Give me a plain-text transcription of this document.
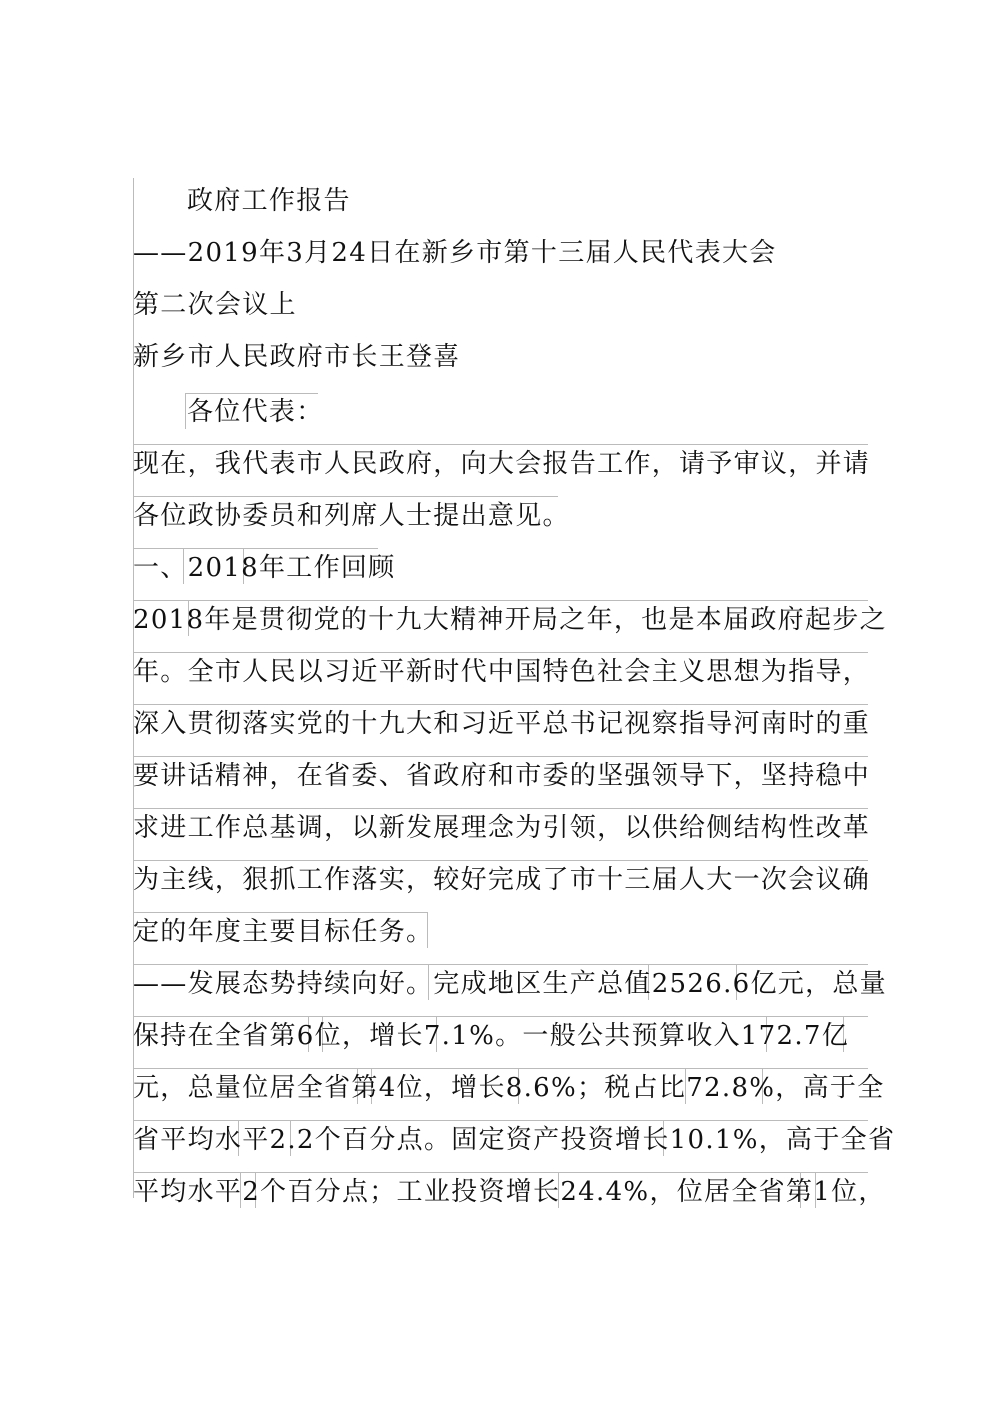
政府工作报告
——2019年3月24日在新乡市第十三届人民代表大会
第二次会议上
新乡市人民政府市长王登喜
各位代表：
现在，我代表市人民政府，向大会报告工作，请予审议，并请
各位政协委员和列席人士提出意见。
一、2018年工作回顾
2018年是贯彻党的十九大精神开局之年，也是本届政府起步之
年。全市人民以习近平新时代中国特色社会主义思想为指导，
深入贯彻落实党的十九大和习近平总书记视察指导河南时的重
要讲话精神，在省委、省政府和市委的坚强领导下，坚持稳中
求进工作总基调，以新发展理念为引领，以供给侧结构性改革
为主线，狠抓工作落实，较好完成了市十三届人大一次会议确
定的年度主要目标任务。
——发展态势持续向好。完成地区生产总值2526.6亿元，总量
保持在全省第6位，增长7.1%。一般公共预算收入172.7亿
元，总量位居全省第4位，增长8.6%；税占比72.8%，高于全
省平均水平2.2个百分点。固定资产投资增长10.1%，高于全省
平均水平2个百分点；工业投资增长24.4%，位居全省第1位，
